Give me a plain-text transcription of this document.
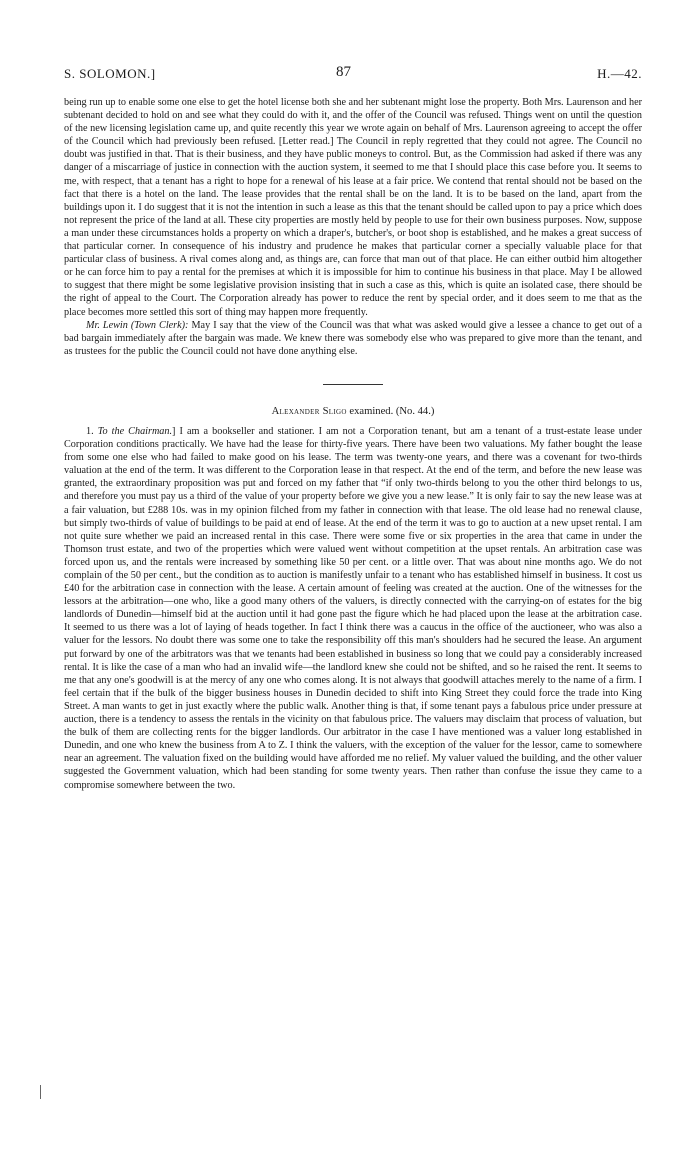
S. SOLOMON.]	87	H.—42.

being run up to enable some one else to get the hotel license both she and her subtenant might lose the property. Both Mrs. Laurenson and her subtenant decided to hold on and see what they could do with it, and the offer of the Council was refused. Things went on until the question of the new licensing legislation came up, and quite recently this year we wrote again on behalf of Mrs. Laurenson agreeing to accept the offer of the Council which had previously been refused. [Letter read.] The Council in reply regretted that they could not agree. The Council no doubt was justified in that. That is their business, and they have public moneys to control. But, as the Commission had asked if there was any danger of a miscarriage of justice in connection with the auction system, it seemed to me that I should place this case before you. It seems to me, with respect, that a tenant has a right to hope for a renewal of his lease at a fair price. We contend that rental should not be based on the fact that there is a hotel on the land. The lease provides that the rental shall be on the land. It is to be based on the land, apart from the buildings upon it. I do suggest that it is not the intention in such a lease as this that the tenant should be called upon to pay a price which does not represent the price of the land at all. These city properties are mostly held by people to use for their own business purposes. Now, suppose a man under these circumstances holds a property on which a draper's, butcher's, or boot shop is established, and he makes a great success of that particular corner. In consequence of his industry and prudence he makes that particular corner a specially valuable place for that particular class of business. A rival comes along and, as things are, can force that man out of that place. He can either outbid him altogether or he can force him to pay a rental for the premises at which it is impossible for him to continue his business in that place. May I be allowed to suggest that there might be some legislative provision insisting that in such a case as this, which is quite an isolated case, there should be the right of appeal to the Court. The Corporation already has power to reduce the rent by special order, and it does seem to me that as the place becomes more settled this sort of thing may happen more frequently.

Mr. Lewin (Town Clerk): May I say that the view of the Council was that what was asked would give a lessee a chance to get out of a bad bargain immediately after the bargain was made. We knew there was somebody else who was prepared to give more than the tenant, and as trustees for the public the Council could not have done anything else.

Alexander Sligo examined. (No. 44.)

1. To the Chairman.] I am a bookseller and stationer. I am not a Corporation tenant, but am a tenant of a trust-estate lease under Corporation conditions practically. We have had the lease for thirty-five years. There have been two valuations. My father bought the lease from some one else who had failed to make good on his lease. The term was twenty-one years, and there was a covenant for two-thirds valuation at the end of the term. It was different to the Corporation lease in that respect. At the end of the term, and before the new lease was granted, the extraordinary proposition was put and forced on my father that “if only two-thirds belong to you the other third belongs to us, and therefore you must pay us a third of the value of your property before we give you a new lease.” It is only fair to say the new lease was at a fair valuation, but £288 10s. was in my opinion filched from my father in connection with that lease. The old lease had no renewal clause, but simply two-thirds of value of buildings to be paid at end of lease. At the end of the term it was to go to auction at a new upset rental. I am not quite sure whether we paid an increased rental in this case. There were some five or six properties in the area that came in under the Thomson trust estate, and two of the properties which were valued went without competition at the upset rentals. An arbitration case was forced upon us, and the rentals were increased by something like 50 per cent. or a little over. That was about nine months ago. We do not complain of the 50 per cent., but the condition as to auction is manifestly unfair to a tenant who has established himself in business. It cost us £40 for the arbitration case in connection with the lease. A certain amount of feeling was created at the auction. One of the witnesses for the lessors at the arbitration—one who, like a good many others of the valuers, is directly connected with the carrying-on of estates for the big landlords of Dunedin—himself bid at the auction until it had gone past the figure which he had placed upon the lease at the arbitration case. It seemed to us there was a lot of laying of heads together. In fact I think there was a caucus in the office of the auctioneer, who was also a valuer for the lessors. No doubt there was some one to take the responsibility off this man's shoulders had he secured the lease. An argument put forward by one of the arbitrators was that we tenants had been established in business so long that we could pay a considerably increased rental. It is like the case of a man who had an invalid wife—the landlord knew she could not be shifted, and so he raised the rent. It seems to me that any one's goodwill is at the mercy of any one who comes along. It is not always that goodwill attaches merely to the name of a firm. I feel certain that if the bulk of the bigger business houses in Dunedin decided to shift into King Street they could force the trade into King Street. A man wants to get in just exactly where the public walk. Another thing is that, if some tenant pays a fabulous price under pressure at auction, there is a tendency to assess the rentals in the vicinity on that fabulous price. The valuers may disclaim that process of valuation, but the bulk of them are collecting rents for the bigger landlords. Our arbitrator in the case I have mentioned was a valuer long established in Dunedin, and one who knew the business from A to Z. I think the valuers, with the exception of the valuer for the lessor, came to somewhere near an agreement. The valuation fixed on the building would have afforded me no relief. My valuer valued the building, and the other valuer suggested the Government valuation, which had been standing for some twenty years. Then rather than confuse the issue they came to a compromise somewhere between the two.
